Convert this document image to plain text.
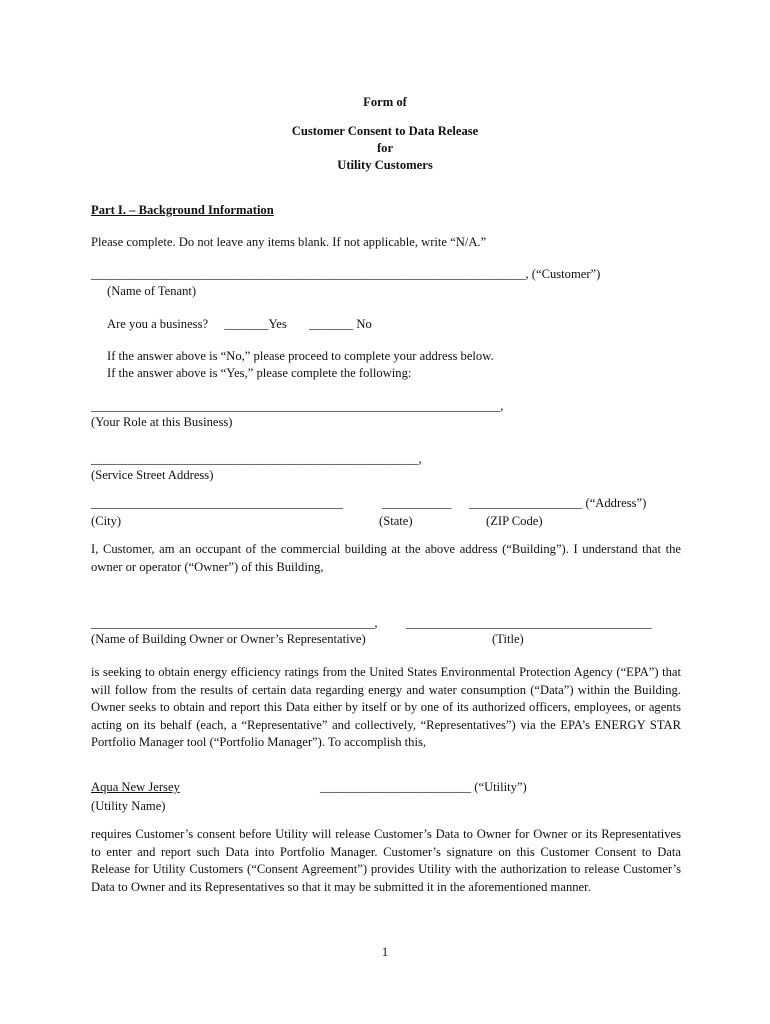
Form of
Customer Consent to Data Release
for
Utility Customers
Part I. – Background Information
Please complete. Do not leave any items blank. If not applicable, write “N/A.”
_____________________________________________________________________, (“Customer”)
(Name of Tenant)
Are you a business? _______Yes _______ No
If the answer above is “No,” please proceed to complete your address below.
If the answer above is “Yes,” please complete the following:
_________________________________________________________________,
(Your Role at this Business)
____________________________________________________,
(Service Street Address)
________________________________________	___________ __________________ (“Address”)
(City)	(State)	(ZIP Code)
I, Customer, am an occupant of the commercial building at the above address (“Building”). I understand that the owner or operator (“Owner”) of this Building,
_____________________________________________, _______________________________________
(Name of Building Owner or Owner’s Representative)	(Title)
is seeking to obtain energy efficiency ratings from the United States Environmental Protection Agency (“EPA”) that will follow from the results of certain data regarding energy and water consumption (“Data”) within the Building. Owner seeks to obtain and report this Data either by itself or by one of its authorized officers, employees, or agents acting on its behalf (each, a “Representative” and collectively, “Representatives”) via the EPA’s ENERGY STAR Portfolio Manager tool (“Portfolio Manager”). To accomplish this,
Aqua New Jersey	________________________ (“Utility”)
(Utility Name)
requires Customer’s consent before Utility will release Customer’s Data to Owner for Owner or its Representatives to enter and report such Data into Portfolio Manager. Customer’s signature on this Customer Consent to Data Release for Utility Customers (“Consent Agreement”) provides Utility with the authorization to release Customer’s Data to Owner and its Representatives so that it may be submitted it in the aforementioned manner.
1
